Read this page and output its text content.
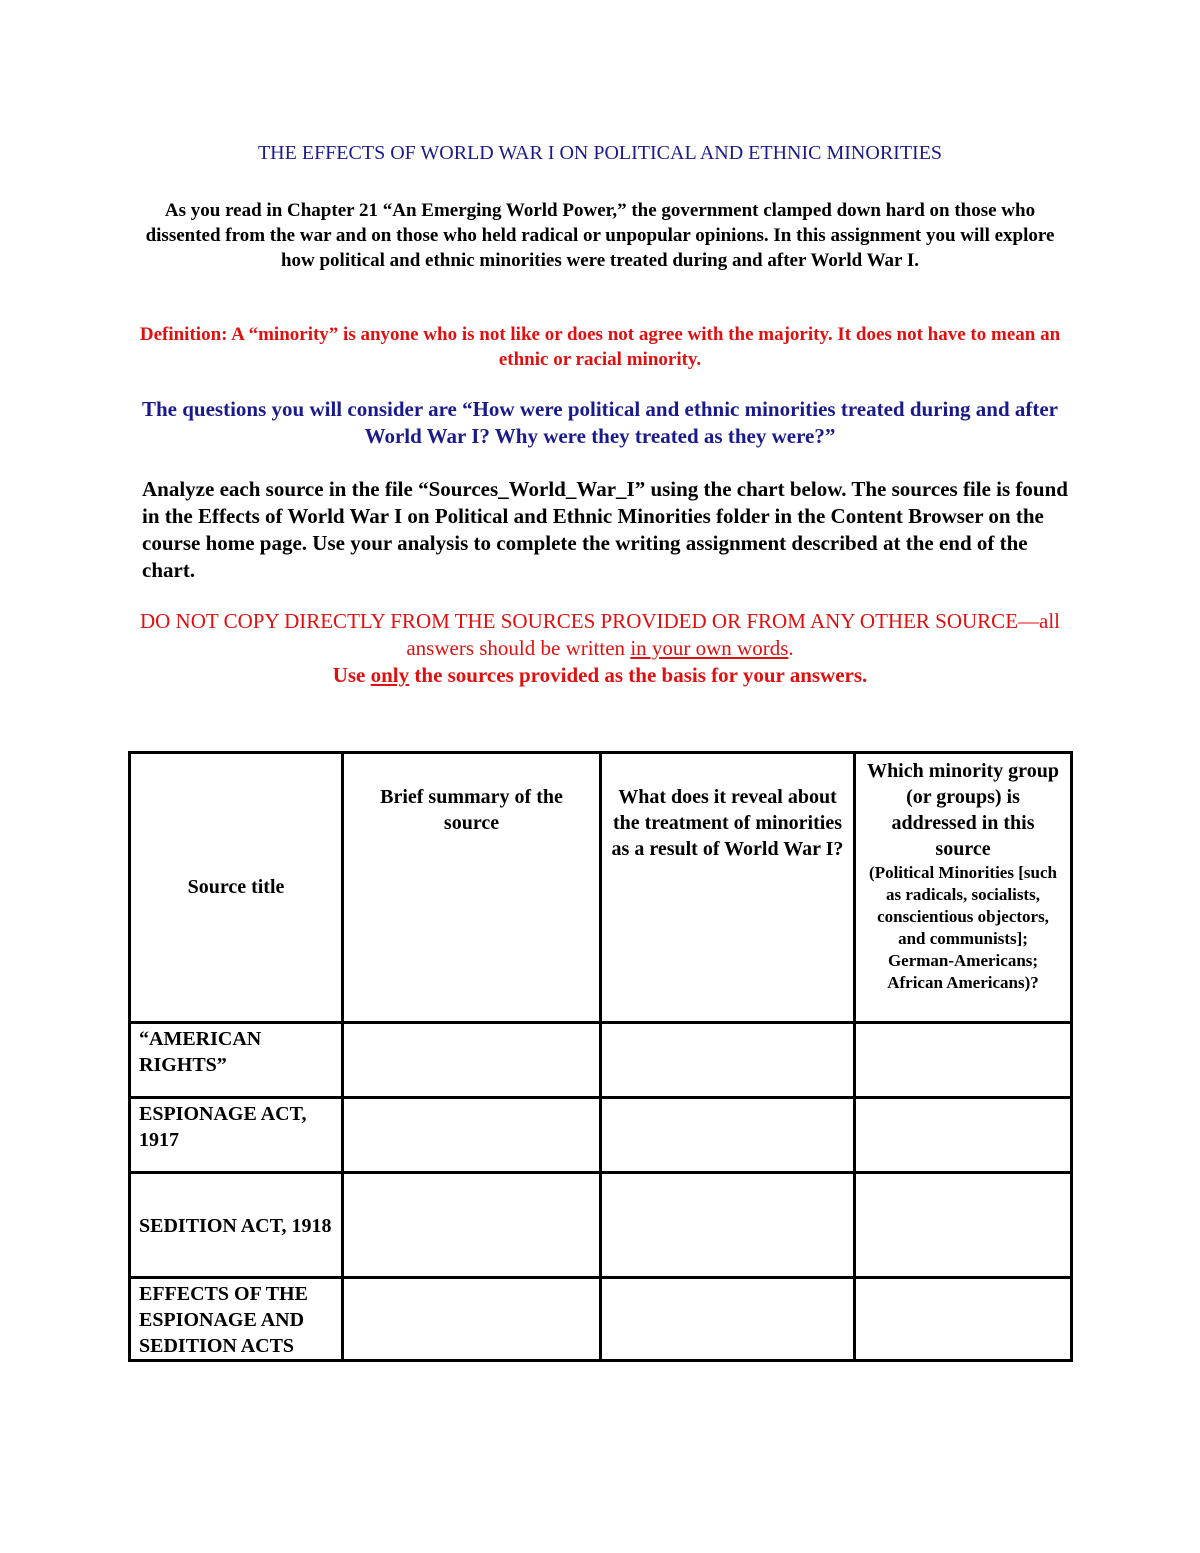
THE EFFECTS OF WORLD WAR I ON POLITICAL AND ETHNIC MINORITIES
As you read in Chapter 21 “An Emerging World Power,” the government clamped down hard on those who dissented from the war and on those who held radical or unpopular opinions. In this assignment you will explore how political and ethnic minorities were treated during and after World War I.
Definition: A “minority” is anyone who is not like or does not agree with the majority. It does not have to mean an ethnic or racial minority.
The questions you will consider are “How were political and ethnic minorities treated during and after World War I? Why were they treated as they were?”
Analyze each source in the file “Sources_World_War_I” using the chart below. The sources file is found in the Effects of World War I on Political and Ethnic Minorities folder in the Content Browser on the course home page. Use your analysis to complete the writing assignment described at the end of the chart.
DO NOT COPY DIRECTLY FROM THE SOURCES PROVIDED OR FROM ANY OTHER SOURCE—all answers should be written in your own words.
Use only the sources provided as the basis for your answers.
Source title	Brief summary of the source	What does it reveal about the treatment of minorities as a result of World War I?	Which minority group (or groups) is addressed in this source
(Political Minorities [such as radicals, socialists, conscientious objectors, and communists]; German-Americans; African Americans)?

“AMERICAN RIGHTS”			
ESPIONAGE ACT, 1917			
SEDITION ACT, 1918			
EFFECTS OF THE ESPIONAGE AND SEDITION ACTS			
